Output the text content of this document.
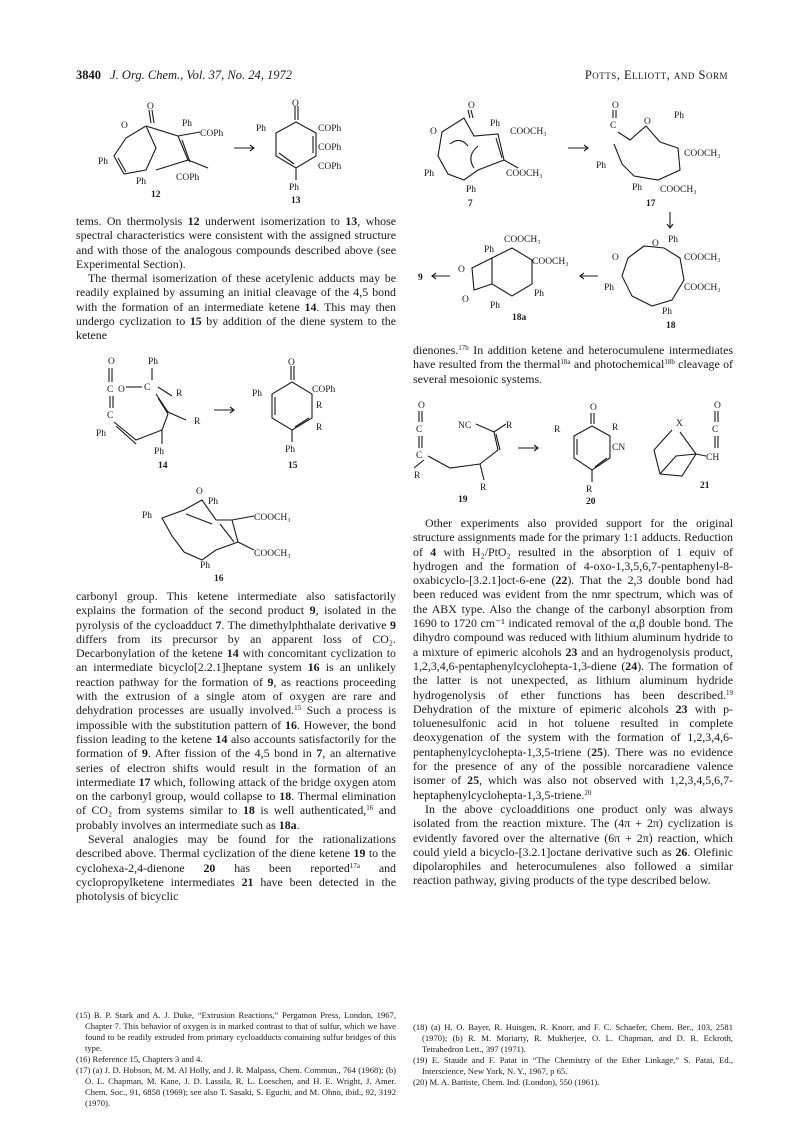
3840 J. Org. Chem., Vol. 37, No. 24, 1972	Potts, Elliott, and Sorm
O
O	Ph
COPh
Ph
Ph	COPh
12
O
Ph	COPh
COPh
COPh
Ph
13

tems. On thermolysis 12 underwent isomerization to 13, whose spectral characteristics were consistent with the assigned structure and with those of the analogous compounds described above (see Experimental Section).

The thermal isomerization of these acetylenic adducts may be readily explained by assuming an initial cleavage of the 4,5 bond with the formation of an intermediate ketene 14. This may then undergo cyclization to 15 by addition of the diene system to the ketene

Ph
C
O
C O
C
R
R
Ph
Ph
14
O
Ph	COPh
R
R
Ph
15
O
Ph
Ph	COOCH₃
COOCH₃
Ph
16

carbonyl group. This ketene intermediate also satisfactorily explains the formation of the second product 9, isolated in the pyrolysis of the cycloadduct 7. The dimethylphthalate derivative 9 differs from its precursor by an apparent loss of CO₂. Decarbonylation of the ketene 14 with concomitant cyclization to an intermediate bicyclo[2.2.1]heptane system 16 is an unlikely reaction pathway for the formation of 9, as reactions proceeding with the extrusion of a single atom of oxygen are rare and dehydration processes are usually involved.$^{15}$ Such a process is impossible with the substitution pattern of 16. However, the bond fission leading to the ketene 14 also accounts satisfactorily for the formation of 9. After fission of the 4,5 bond in 7, an alternative series of electron shifts would result in the formation of an intermediate 17 which, following attack of the bridge oxygen atom on the carbonyl group, would collapse to 18. Thermal elimination of CO₂ from systems similar to 18 is well authenticated,$^{16}$ and probably involves an intermediate such as 18a.

Several analogies may be found for the rationalizations described above. Thermal cyclization of the diene ketene 19 to the cyclohexa-2,4-dienone 20 has been reported$^{17a}$ and cyclopropylketene intermediates 21 have been detected in the photolysis of bicyclic

(15) B. P. Stark and A. J. Duke, “Extrusion Reactions,” Pergamon Press, London, 1967, Chapter 7. This behavior of oxygen is in marked contrast to that of sulfur, which we have found to be readily extruded from primary cycloadducts containing sulfur bridges of this type.

(16) Reference 15, Chapters 3 and 4.

(17) (a) J. D. Hobson, M. M. Al Holly, and J. R. Malpass, Chem. Commun., 764 (1968); (b) O. L. Chapman, M. Kane, J. D. Lassila, R. L. Loeschen, and H. E. Wright, J. Amer. Chem. Soc., 91, 6858 (1969); see also T. Sasaki, S. Eguchi, and M. Ohno, ibid., 92, 3192 (1970).

O
O
Ph
COOCH₃
COOCH₃
Ph
Ph
7
O
C	O
Ph
COOCH₃
COOCH₃
Ph
Ph
17
Ph
O
O	COOCH₃
COOCH₃
Ph
Ph
18
COOCH₃
Ph
O
O
COOCH₃
Ph
Ph
18a
9

dienones.$^{17b}$ In addition ketene and heterocumulene intermediates have resulted from the thermal$^{18a}$ and photochemical$^{18b}$ cleavage of several mesoionic systems.

O
C
C
NC	R
R
R
19
O
R	R
CN
R
20
X
O
C
CH
21

Other experiments also provided support for the original structure assignments made for the primary 1:1 adducts. Reduction of 4 with H₂/PtO₂ resulted in the absorption of 1 equiv of hydrogen and the formation of 4-oxo-1,3,5,6,7-pentaphenyl-8-oxabicyclo-[3.2.1]oct-6-ene (22). That the 2,3 double bond had been reduced was evident from the nmr spectrum, which was of the ABX type. Also the change of the carbonyl absorption from 1690 to 1720 cm⁻¹ indicated removal of the α,β double bond. The dihydro compound was reduced with lithium aluminum hydride to a mixture of epimeric alcohols 23 and an hydrogenolysis product, 1,2,3,4,6-pentaphenylcyclohepta-1,3-diene (24). The formation of the latter is not unexpected, as lithium aluminum hydride hydrogenolysis of ether functions has been described.$^{19}$ Dehydration of the mixture of epimeric alcohols 23 with p-toluenesulfonic acid in hot toluene resulted in complete deoxygenation of the system with the formation of 1,2,3,4,6-pentaphenylcyclohepta-1,3,5-triene (25). There was no evidence for the presence of any of the possible norcaradiene valence isomer of 25, which was also not observed with 1,2,3,4,5,6,7-heptaphenylcyclohepta-1,3,5-triene.$^{20}$

In the above cycloadditions one product only was always isolated from the reaction mixture. The (4π + 2π) cyclization is evidently favored over the alternative (6π + 2π) reaction, which could yield a bicyclo-[3.2.1]octane derivative such as 26. Olefinic dipolarophiles and heterocumulenes also followed a similar reaction pathway, giving products of the type described below.

(18) (a) H. O. Bayer, R. Huisgen, R. Knorr, and F. C. Schaefer, Chem. Ber., 103, 2581 (1970); (b) R. M. Moriarty, R. Mukherjee, O. L. Chapman, and D. R. Eckroth, Tetrahedron Lett., 397 (1971).

(19) E. Staude and F. Patat in “The Chemistry of the Ether Linkage,” S. Patai, Ed., Interscience, New York, N. Y., 1967, p 65.

(20) M. A. Battiste, Chem. Ind. (London), 550 (1961).
